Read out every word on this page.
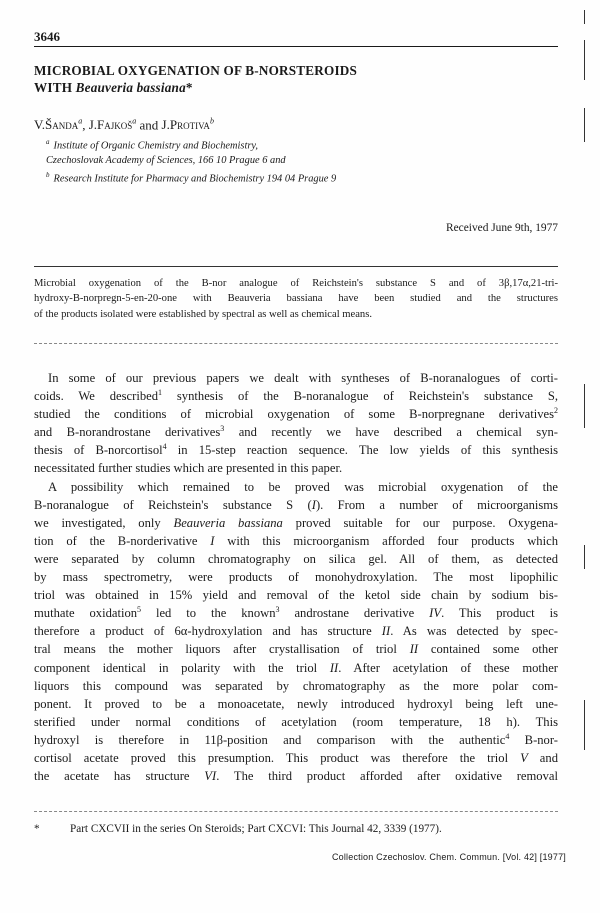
3646
MICROBIAL OXYGENATION OF B-NORSTEROIDS
WITH Beauveria bassiana*
V.Šanda$^a$, J.Fajkoš$^a$ and J.Protiva$^b$
$^a$ Institute of Organic Chemistry and Biochemistry,
Czechoslovak Academy of Sciences, 166 10 Prague 6 and
$^b$ Research Institute for Pharmacy and Biochemistry 194 04 Prague 9
Received June 9th, 1977
Microbial oxygenation of the B-nor analogue of Reichstein's substance S and of 3β,17α,21-tri-
hydroxy-B-norpregn-5-en-20-one with Beauveria bassiana have been studied and the structures
of the products isolated were established by spectral as well as chemical means.
In some of our previous papers we dealt with syntheses of B-noranalogues of corti-
coids. We described$^1$ synthesis of the B-noranalogue of Reichstein's substance S,
studied the conditions of microbial oxygenation of some B-norpregnane derivatives$^2$
and B-norandrostane derivatives$^3$ and recently we have described a chemical syn-
thesis of B-norcortisol$^4$ in 15-step reaction sequence. The low yields of this synthesis
necessitated further studies which are presented in this paper.
A possibility which remained to be proved was microbial oxygenation of the
B-noranalogue of Reichstein's substance S (I). From a number of microorganisms
we investigated, only Beauveria bassiana proved suitable for our purpose. Oxygena-
tion of the B-norderivative I with this microorganism afforded four products which
were separated by column chromatography on silica gel. All of them, as detected
by mass spectrometry, were products of monohydroxylation. The most lipophilic
triol was obtained in 15% yield and removal of the ketol side chain by sodium bis-
muthate oxidation$^5$ led to the known$^3$ androstane derivative IV. This product is
therefore a product of 6α-hydroxylation and has structure II. As was detected by spec-
tral means the mother liquors after crystallisation of triol II contained some other
component identical in polarity with the triol II. After acetylation of these mother
liquors this compound was separated by chromatography as the more polar com-
ponent. It proved to be a monoacetate, newly introduced hydroxyl being left une-
sterified under normal conditions of acetylation (room temperature, 18 h). This
hydroxyl is therefore in 11β-position and comparison with the authentic$^4$ B-nor-
cortisol acetate proved this presumption. This product was therefore the triol V and
the acetate has structure VI. The third product afforded after oxidative removal
*	Part CXCVII in the series On Steroids; Part CXCVI: This Journal 42, 3339 (1977).
Collection Czechoslov. Chem. Commun. [Vol. 42] [1977]
